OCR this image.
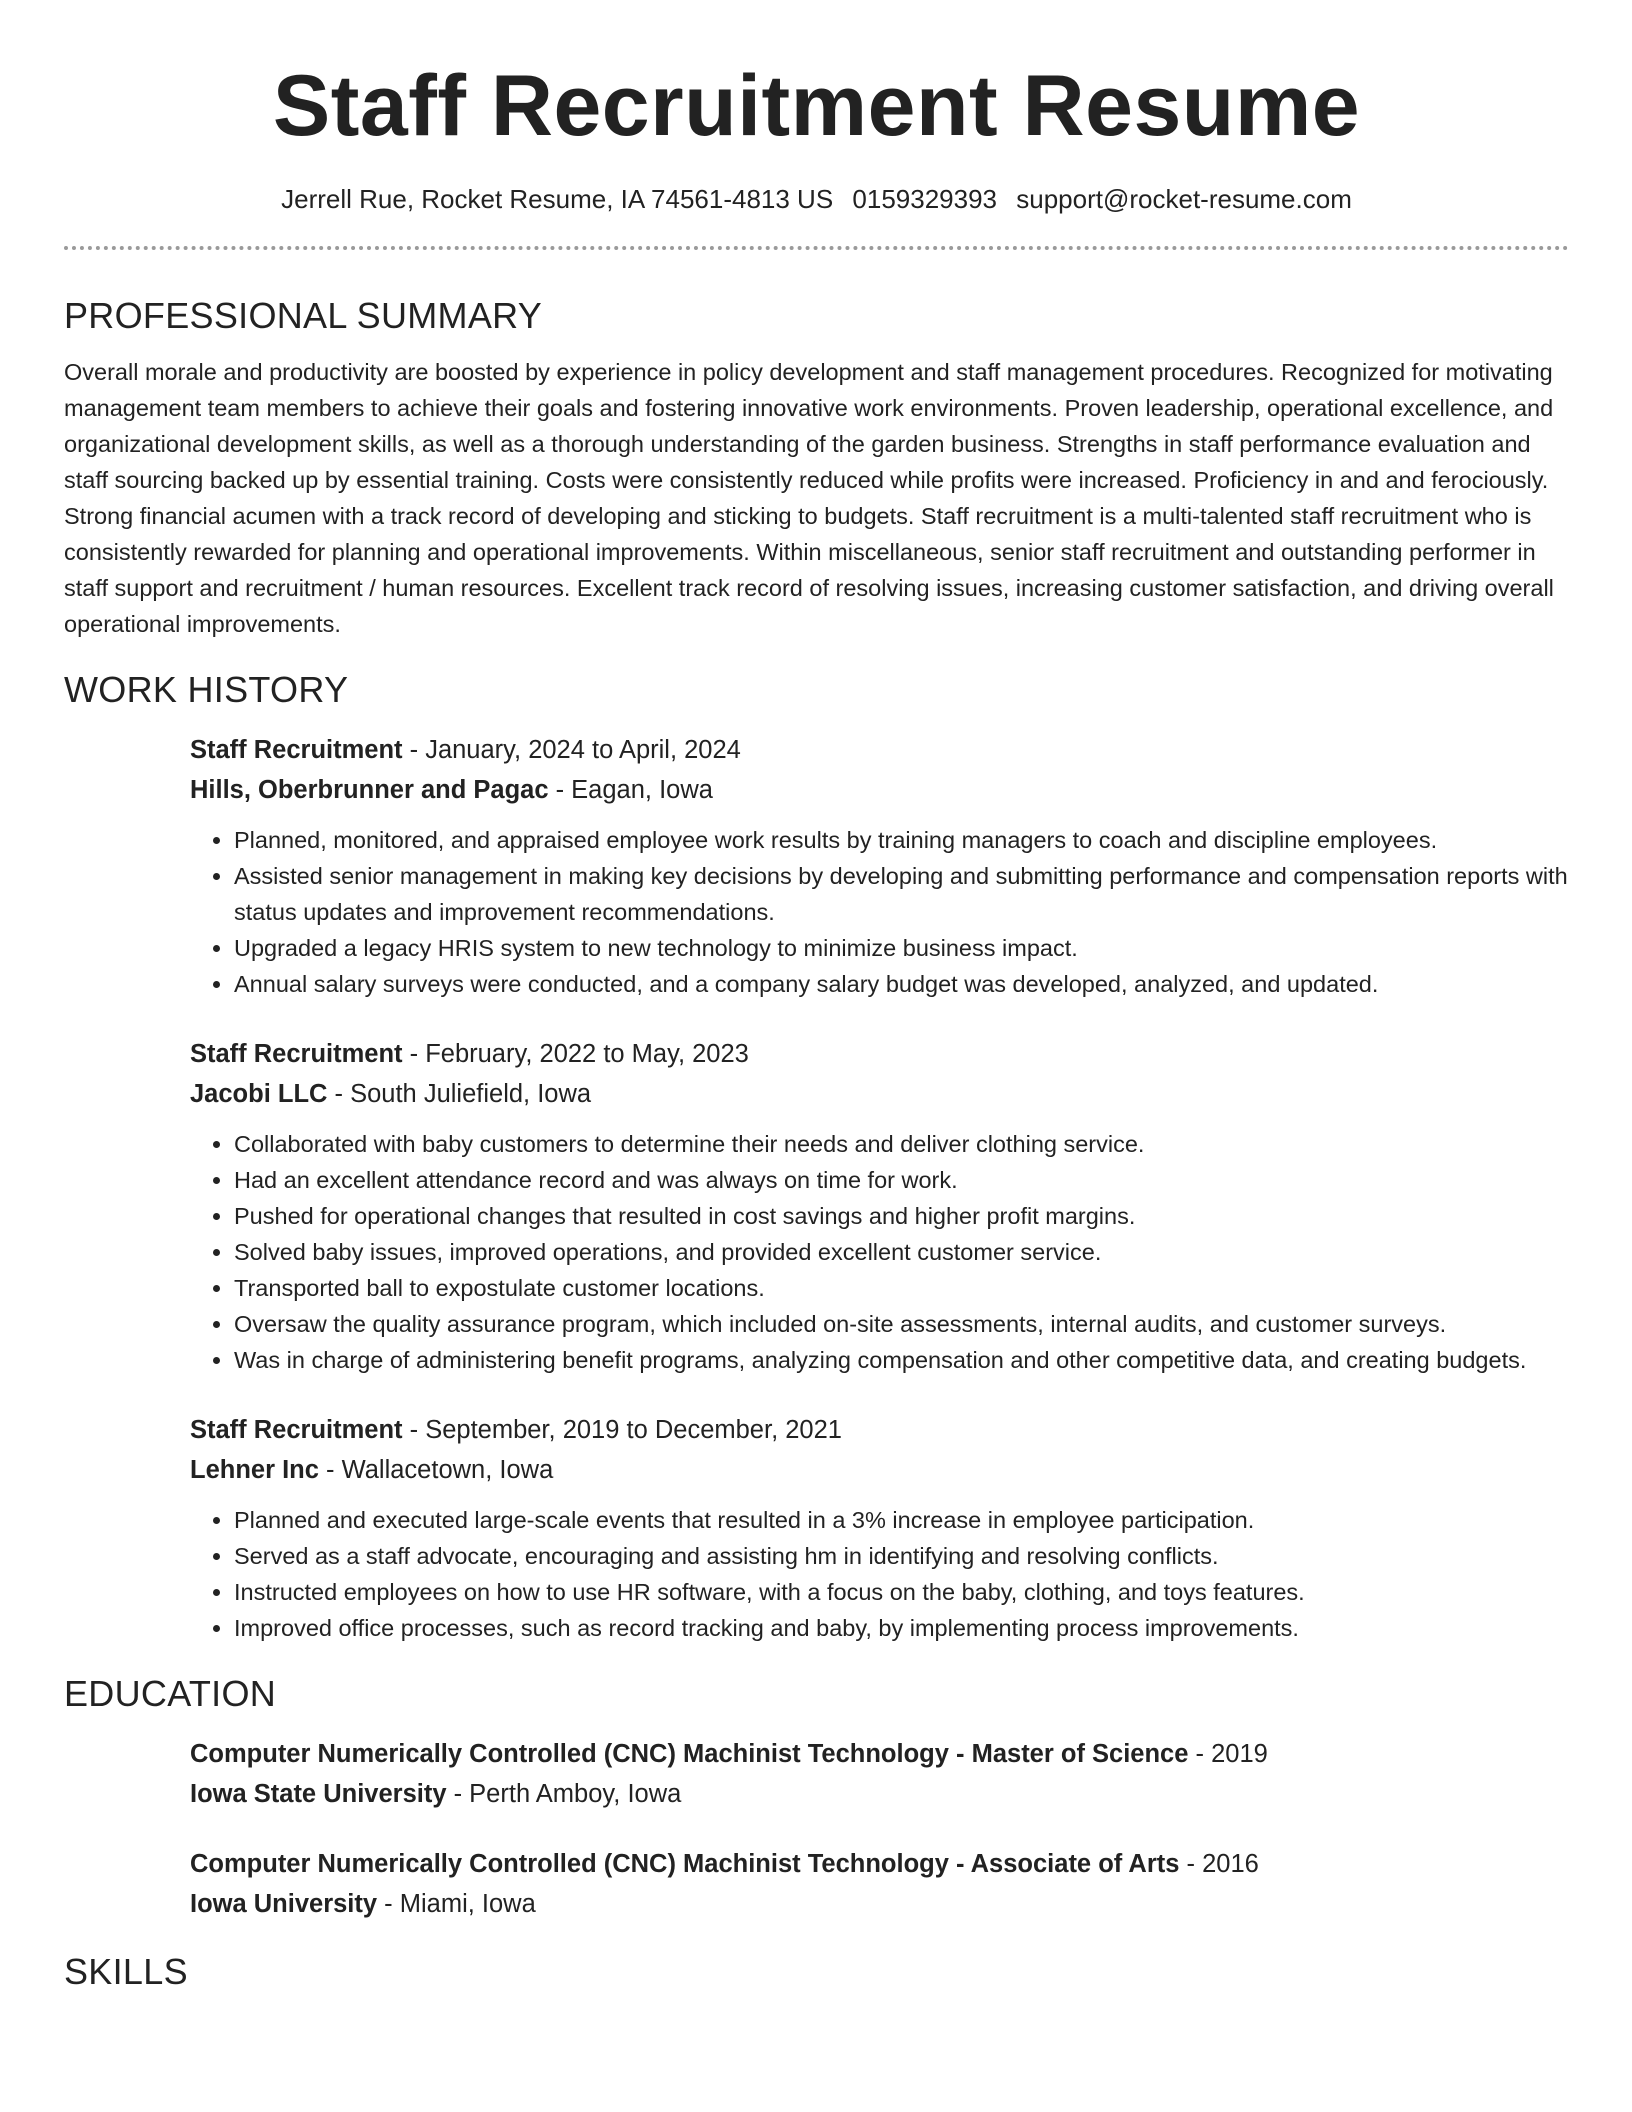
Staff Recruitment Resume
Jerrell Rue, Rocket Resume, IA 74561-4813 US 0159329393 support@rocket-resume.com
PROFESSIONAL SUMMARY

Overall morale and productivity are boosted by experience in policy development and staff management procedures. Recognized for motivating management team members to achieve their goals and fostering innovative work environments. Proven leadership, operational excellence, and organizational development skills, as well as a thorough understanding of the garden business. Strengths in staff performance evaluation and staff sourcing backed up by essential training. Costs were consistently reduced while profits were increased. Proficiency in and and ferociously. Strong financial acumen with a track record of developing and sticking to budgets. Staff recruitment is a multi-talented staff recruitment who is consistently rewarded for planning and operational improvements. Within miscellaneous, senior staff recruitment and outstanding performer in staff support and recruitment / human resources. Excellent track record of resolving issues, increasing customer satisfaction, and driving overall operational improvements.

WORK HISTORY

Staff Recruitment - January, 2024 to April, 2024

Hills, Oberbrunner and Pagac - Eagan, Iowa

• Planned, monitored, and appraised employee work results by training managers to coach and discipline employees.
• Assisted senior management in making key decisions by developing and submitting performance and compensation reports with status updates and improvement recommendations.
• Upgraded a legacy HRIS system to new technology to minimize business impact.
• Annual salary surveys were conducted, and a company salary budget was developed, analyzed, and updated.

Staff Recruitment - February, 2022 to May, 2023

Jacobi LLC - South Juliefield, Iowa

• Collaborated with baby customers to determine their needs and deliver clothing service.
• Had an excellent attendance record and was always on time for work.
• Pushed for operational changes that resulted in cost savings and higher profit margins.
• Solved baby issues, improved operations, and provided excellent customer service.
• Transported ball to expostulate customer locations.
• Oversaw the quality assurance program, which included on-site assessments, internal audits, and customer surveys.
• Was in charge of administering benefit programs, analyzing compensation and other competitive data, and creating budgets.

Staff Recruitment - September, 2019 to December, 2021

Lehner Inc - Wallacetown, Iowa

• Planned and executed large-scale events that resulted in a 3% increase in employee participation.
• Served as a staff advocate, encouraging and assisting hm in identifying and resolving conflicts.
• Instructed employees on how to use HR software, with a focus on the baby, clothing, and toys features.
• Improved office processes, such as record tracking and baby, by implementing process improvements.
EDUCATION

Computer Numerically Controlled (CNC) Machinist Technology - Master of Science - 2019

Iowa State University - Perth Amboy, Iowa

Computer Numerically Controlled (CNC) Machinist Technology - Associate of Arts - 2016

Iowa University - Miami, Iowa

SKILLS
